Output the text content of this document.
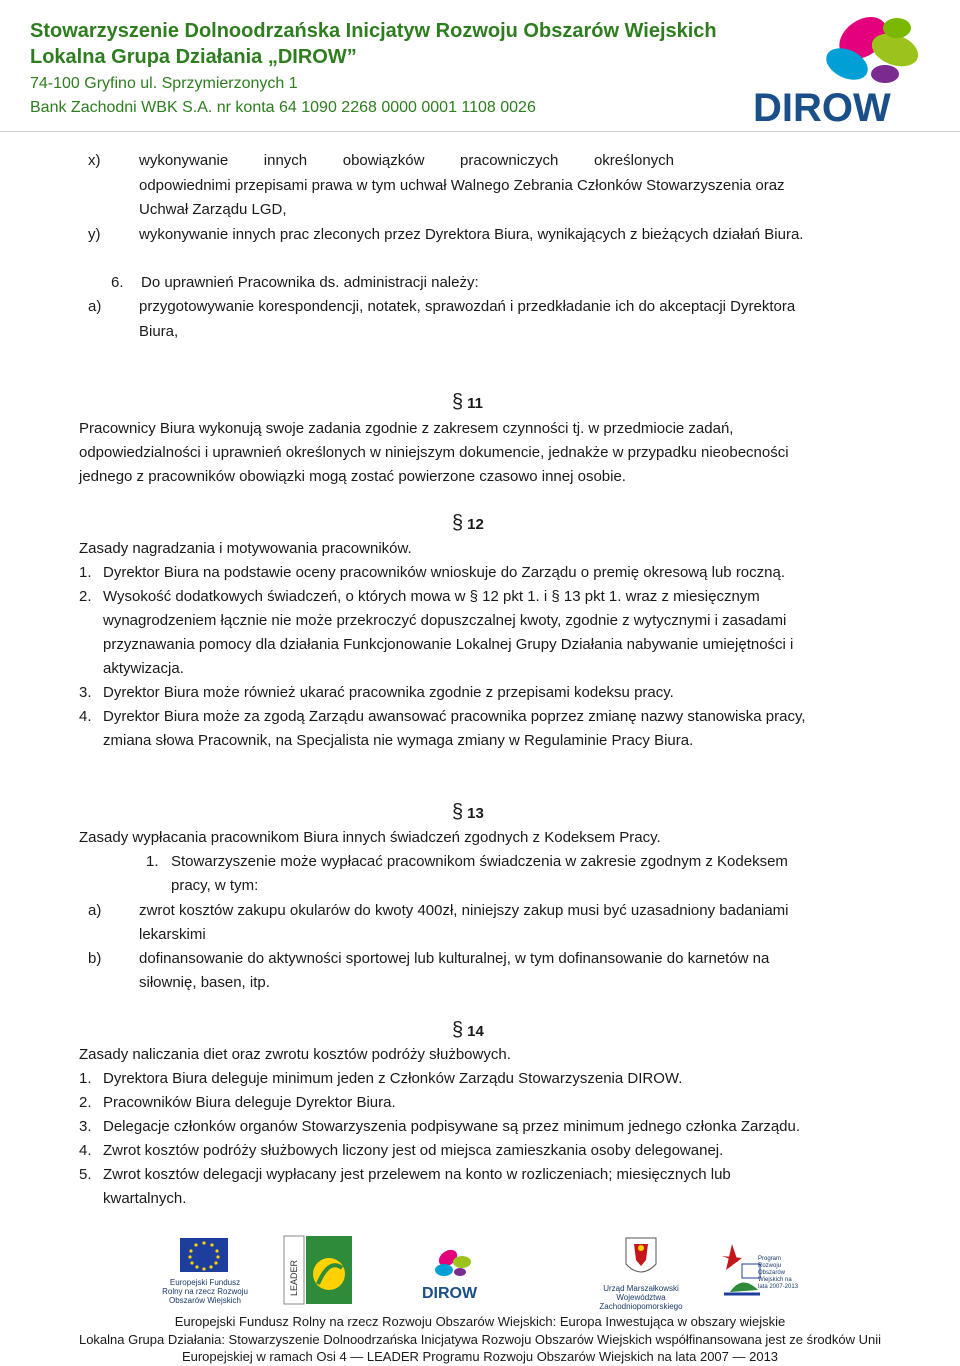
Stowarzyszenie Dolnoodrzańska Inicjatyw Rozwoju Obszarów Wiejskich
Lokalna Grupa Działania „DIROW”
74-100 Gryfino ul. Sprzymierzonych 1
Bank Zachodni WBK S.A. nr konta 64 1090 2268 0000 0001 1108 0026	DIROW
x)	wykonywanie innych obowiązków pracowniczych określonych
odpowiednimi przepisami prawa w tym uchwał Walnego Zebrania Członków Stowarzyszenia oraz
Uchwał Zarządu LGD,
y)	wykonywanie innych prac zleconych przez Dyrektora Biura, wynikających z bieżących działań Biura.
6. Do uprawnień Pracownika ds. administracji należy:
a)	przygotowywanie korespondencji, notatek, sprawozdań i przedkładanie ich do akceptacji Dyrektora
Biura,
§ 11
Pracownicy Biura wykonują swoje zadania zgodnie z zakresem czynności tj. w przedmiocie zadań,
odpowiedzialności i uprawnień określonych w niniejszym dokumencie, jednakże w przypadku nieobecności
jednego z pracowników obowiązki mogą zostać powierzone czasowo innej osobie.
§ 12
Zasady nagradzania i motywowania pracowników.
1. Dyrektor Biura na podstawie oceny pracowników wnioskuje do Zarządu o premię okresową lub roczną.
2. Wysokość dodatkowych świadczeń, o których mowa w § 12 pkt 1. i § 13 pkt 1. wraz z miesięcznym
wynagrodzeniem łącznie nie może przekroczyć dopuszczalnej kwoty, zgodnie z wytycznymi i zasadami
przyznawania pomocy dla działania Funkcjonowanie Lokalnej Grupy Działania nabywanie umiejętności i
aktywizacja.
3. Dyrektor Biura może również ukarać pracownika zgodnie z przepisami kodeksu pracy.
4. Dyrektor Biura może za zgodą Zarządu awansować pracownika poprzez zmianę nazwy stanowiska pracy,
zmiana słowa Pracownik, na Specjalista nie wymaga zmiany w Regulaminie Pracy Biura.
§ 13
Zasady wypłacania pracownikom Biura innych świadczeń zgodnych z Kodeksem Pracy.
1. Stowarzyszenie może wypłacać pracownikom świadczenia w zakresie zgodnym z Kodeksem
pracy, w tym:
a)	zwrot kosztów zakupu okularów do kwoty 400zł, niniejszy zakup musi być uzasadniony badaniami
lekarskimi
b)	dofinansowanie do aktywności sportowej lub kulturalnej, w tym dofinansowanie do karnetów na
siłownię, basen, itp.
§ 14
Zasady naliczania diet oraz zwrotu kosztów podróży służbowych.
1. Dyrektora Biura deleguje minimum jeden z Członków Zarządu Stowarzyszenia DIROW.
2. Pracowników Biura deleguje Dyrektor Biura.
3. Delegacje członków organów Stowarzyszenia podpisywane są przez minimum jednego członka Zarządu.
4. Zwrot kosztów podróży służbowych liczony jest od miejsca zamieszkania osoby delegowanej.
5. Zwrot kosztów delegacji wypłacany jest przelewem na konto w rozliczeniach; miesięcznych lub
kwartalnych.
Europejski Fundusz Rolny na rzecz Rozwoju Obszarów Wiejskich
LEADER	DIROW	Urząd Marszałkowski Województwa Zachodniopomorskiego
Program Rozwoju Obszarów Wiejskich na lata 2007-2013
Europejski Fundusz Rolny na rzecz Rozwoju Obszarów Wiejskich: Europa Inwestująca w obszary wiejskie
Lokalna Grupa Działania: Stowarzyszenie Dolnoodrzańska Inicjatywa Rozwoju Obszarów Wiejskich współfinansowana jest ze środków Unii
Europejskiej w ramach Osi 4 — LEADER Programu Rozwoju Obszarów Wiejskich na lata 2007 — 2013
